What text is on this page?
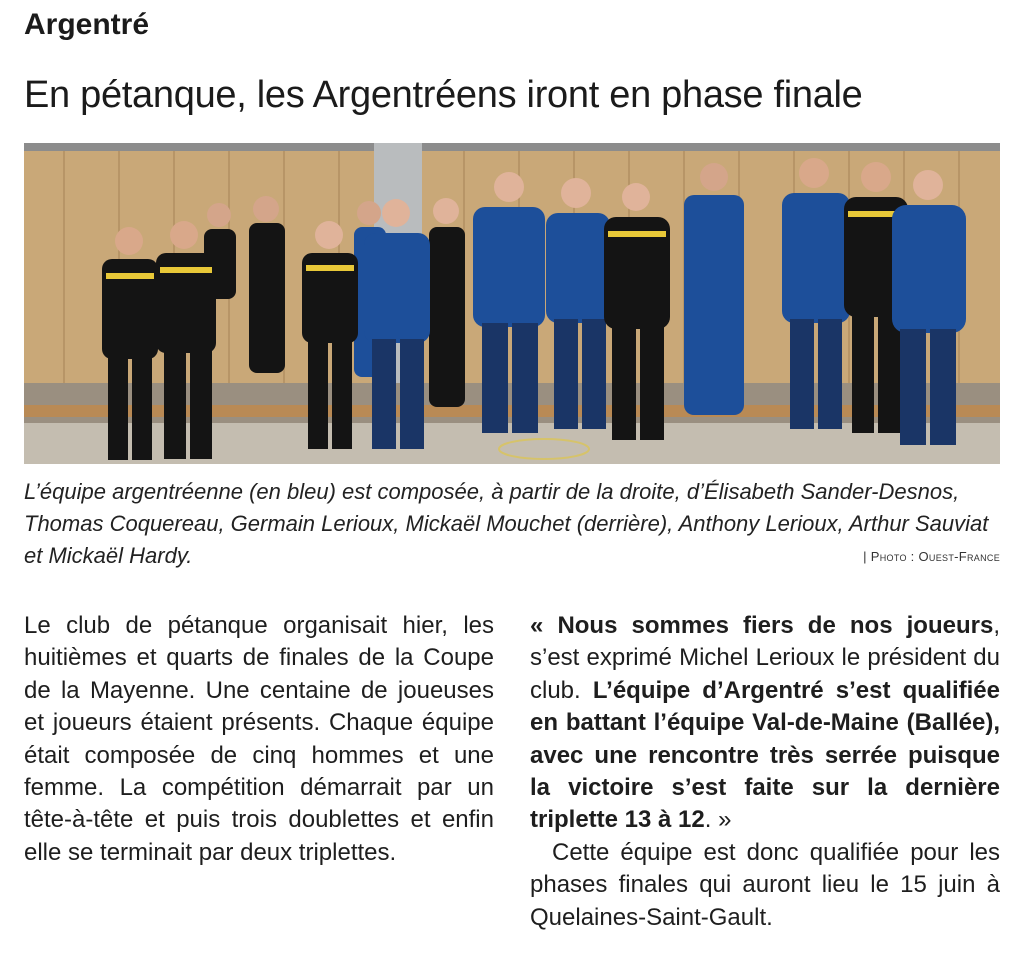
Argentré
En pétanque, les Argentréens iront en phase finale
L’équipe argentréenne (en bleu) est composée, à partir de la droite, d’Élisabeth Sander-Desnos, Thomas Coquereau, Germain Lerioux, Mickaël Mouchet (derrière), Anthony Lerioux, Arthur Sauviat et Mickaël Hardy.	| Photo : Ouest-France

Le club de pétanque organisait hier, les huitièmes et quarts de finales de la Coupe de la Mayenne. Une centaine de joueuses et joueurs étaient présents. Chaque équipe était composée de cinq hommes et une femme. La compétition démarrait par un tête-à-tête et puis trois doublettes et enfin elle se terminait par deux triplettes.

« Nous sommes fiers de nos joueurs, s’est exprimé Michel Lerioux le président du club. L’équipe d’Argentré s’est qualifiée en battant l’équipe Val-de-Maine (Ballée), avec une rencontre très serrée puisque la victoire s’est faite sur la dernière triplette 13 à 12. »

Cette équipe est donc qualifiée pour les phases finales qui auront lieu le 15 juin à Quelaines-Saint-Gault.
